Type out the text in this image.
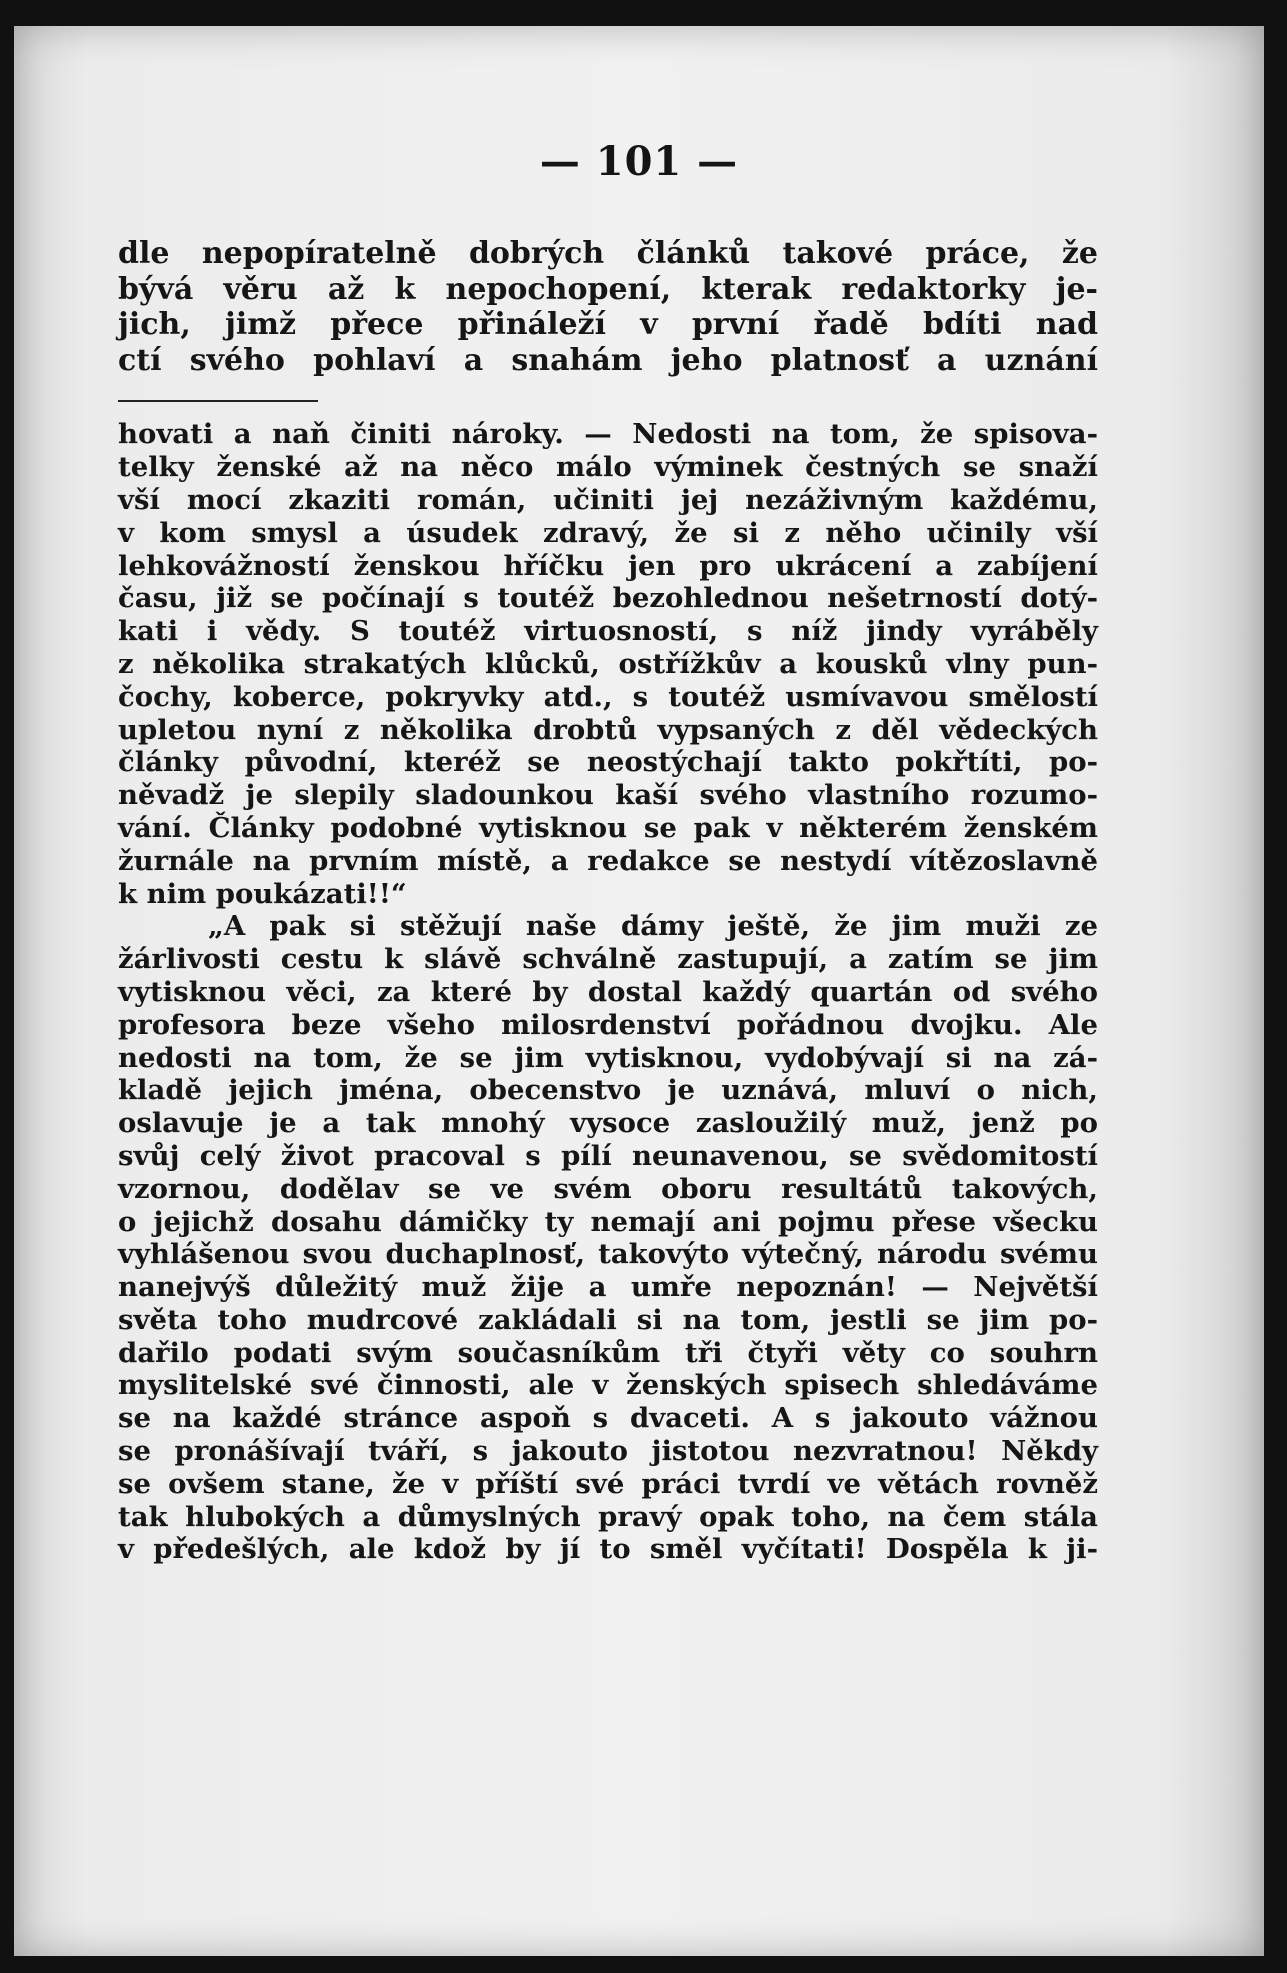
— 101 —
dle nepopíratelně dobrých článků takové práce, že
bývá věru až k nepochopení, kterak redaktorky je-
jich, jimž přece přináleží v první řadě bdíti nad
ctí svého pohlaví a snahám jeho platnosť a uznání
hovati a naň činiti nároky. — Nedosti na tom, že spisova-
telky ženské až na něco málo výminek čestných se snaží
vší mocí zkaziti román, učiniti jej nezáživným každému,
v kom smysl a úsudek zdravý, že si z něho učinily vší
lehkovážností ženskou hříčku jen pro ukrácení a zabíjení
času, již se počínají s toutéž bezohlednou nešetrností dotý-
kati i vědy. S toutéž virtuosností, s níž jindy vyráběly
z několika strakatých klůcků, ostřížkův a kousků vlny pun-
čochy, koberce, pokryvky atd., s toutéž usmívavou smělostí
upletou nyní z několika drobtů vypsaných z děl vědeckých
články původní, kteréž se neostýchají takto pokřtíti, po-
něvadž je slepily sladounkou kaší svého vlastního rozumo-
vání. Články podobné vytisknou se pak v některém ženském
žurnále na prvním místě, a redakce se nestydí vítězoslavně
k nim poukázati!!“
„A pak si stěžují naše dámy ještě, že jim muži ze
žárlivosti cestu k slávě schválně zastupují, a zatím se jim
vytisknou věci, za které by dostal každý quartán od svého
profesora beze všeho milosrdenství pořádnou dvojku. Ale
nedosti na tom, že se jim vytisknou, vydobývají si na zá-
kladě jejich jména, obecenstvo je uznává, mluví o nich,
oslavuje je a tak mnohý vysoce zasloužilý muž, jenž po
svůj celý život pracoval s pílí neunavenou, se svědomitostí
vzornou, dodělav se ve svém oboru resultátů takových,
o jejichž dosahu dámičky ty nemají ani pojmu přese všecku
vyhlášenou svou duchaplnosť, takovýto výtečný, národu svému
nanejvýš důležitý muž žije a umře nepoznán! — Největší
světa toho mudrcové zakládali si na tom, jestli se jim po-
dařilo podati svým současníkům tři čtyři věty co souhrn
myslitelské své činnosti, ale v ženských spisech shledáváme
se na každé stránce aspoň s dvaceti. A s jakouto vážnou
se pronášívají tváří, s jakouto jistotou nezvratnou! Někdy
se ovšem stane, že v příští své práci tvrdí ve větách rovněž
tak hlubokých a důmyslných pravý opak toho, na čem stála
v předešlých, ale kdož by jí to směl vyčítati! Dospěla k ji-
